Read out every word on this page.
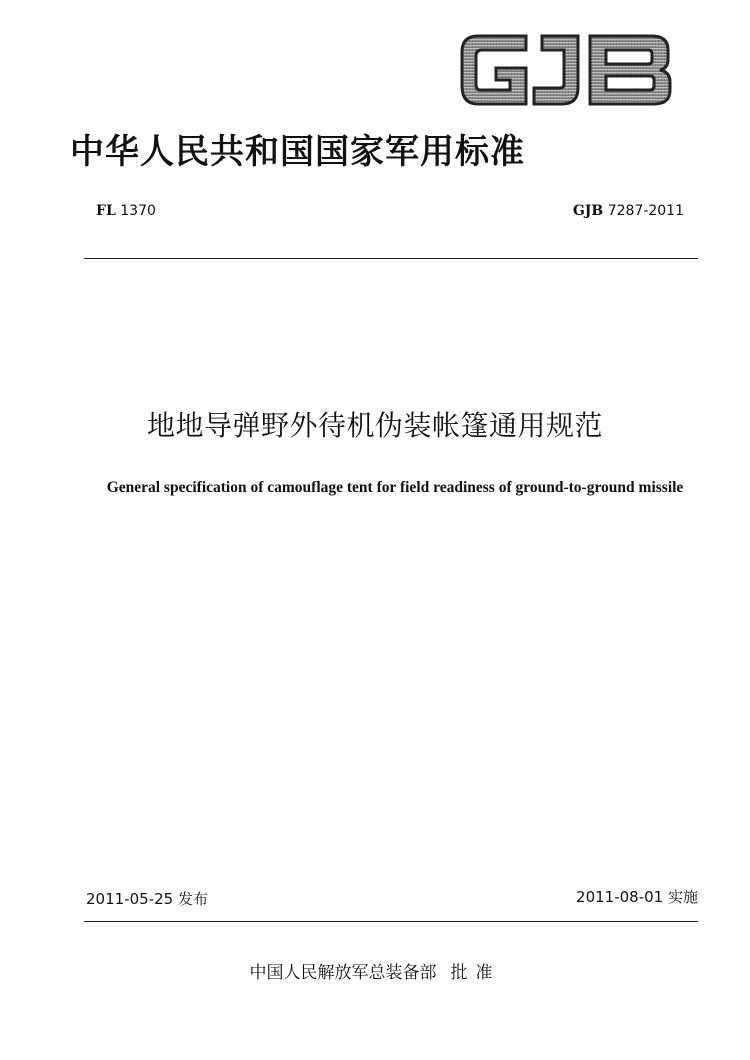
中华人民共和国国家军用标准
FL 1370	GJB 7287-2011
地地导弹野外待机伪装帐篷通用规范
General specification of camouflage tent for field readiness of ground-to-ground missile
2011-05-25 发布	2011-08-01 实施
中国人民解放军总装备部 批准
